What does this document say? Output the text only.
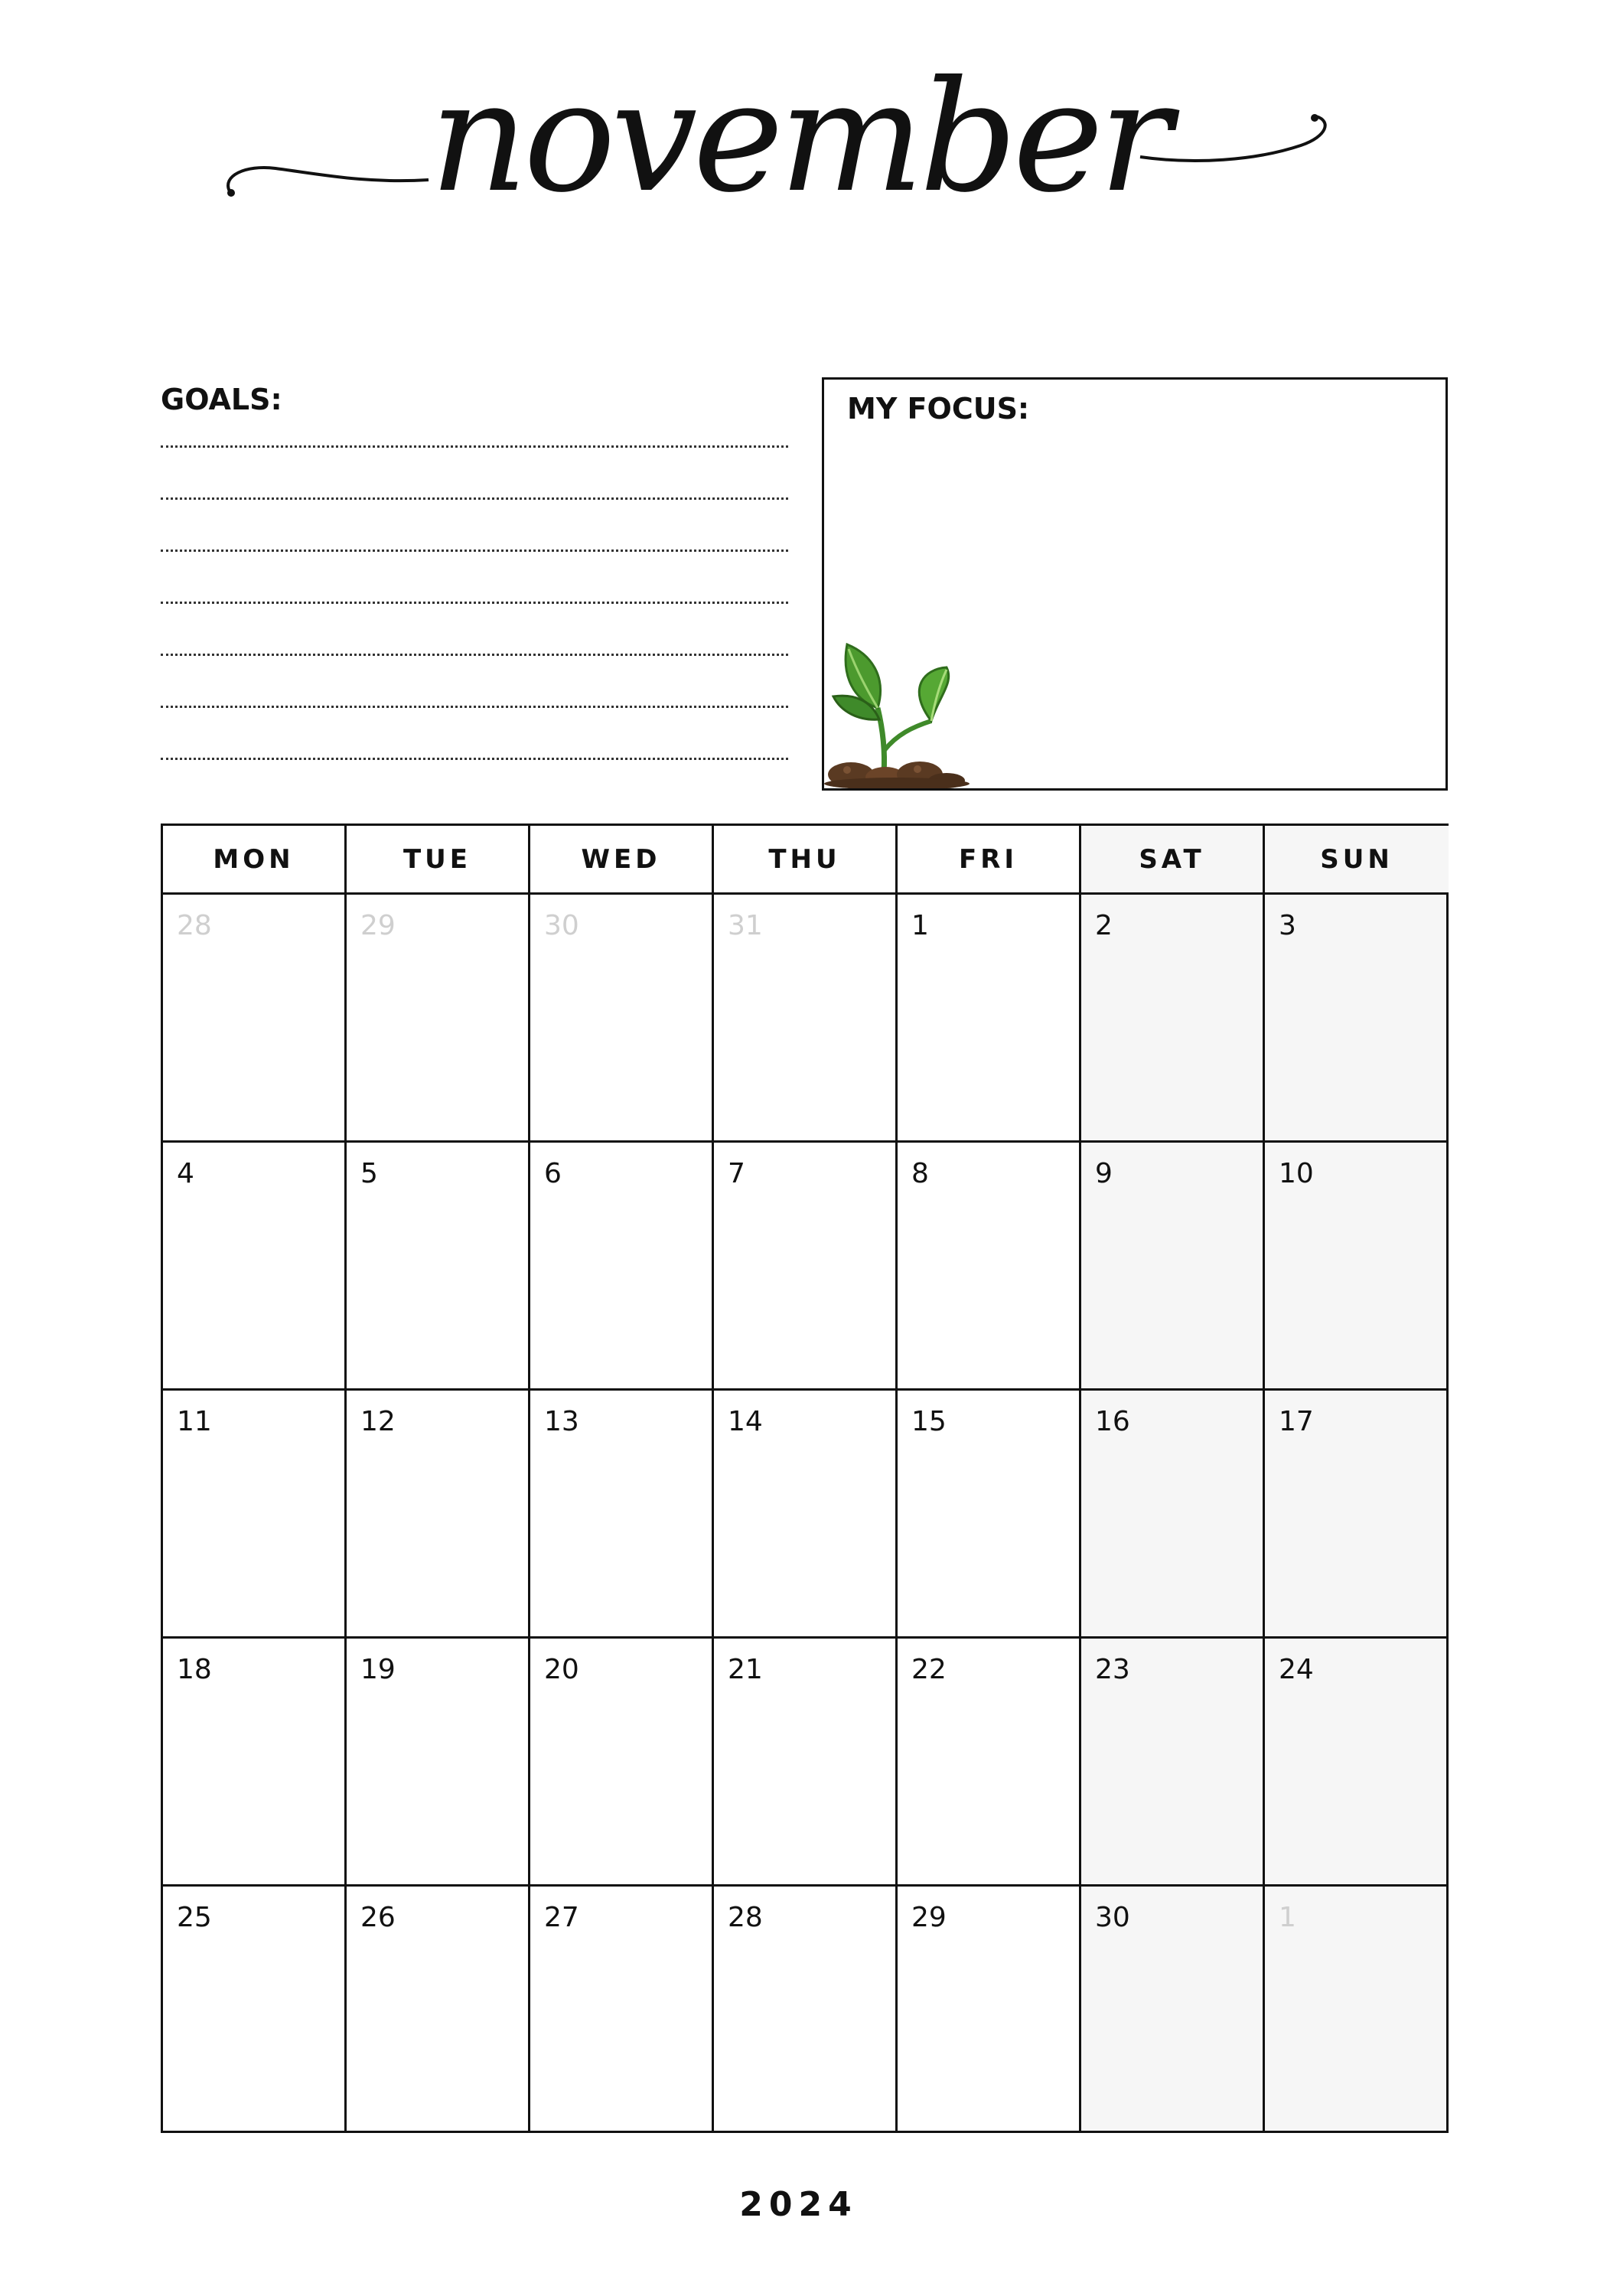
november
GOALS:	MY FOCUS:
MON	TUE	WED	THU	FRI	SAT	SUN
28	29	30	31	1	2	3
4	5	6	7	8	9	10
11	12	13	14	15	16	17
18	19	20	21	22	23	24
25	26	27	28	29	30	1
2024
